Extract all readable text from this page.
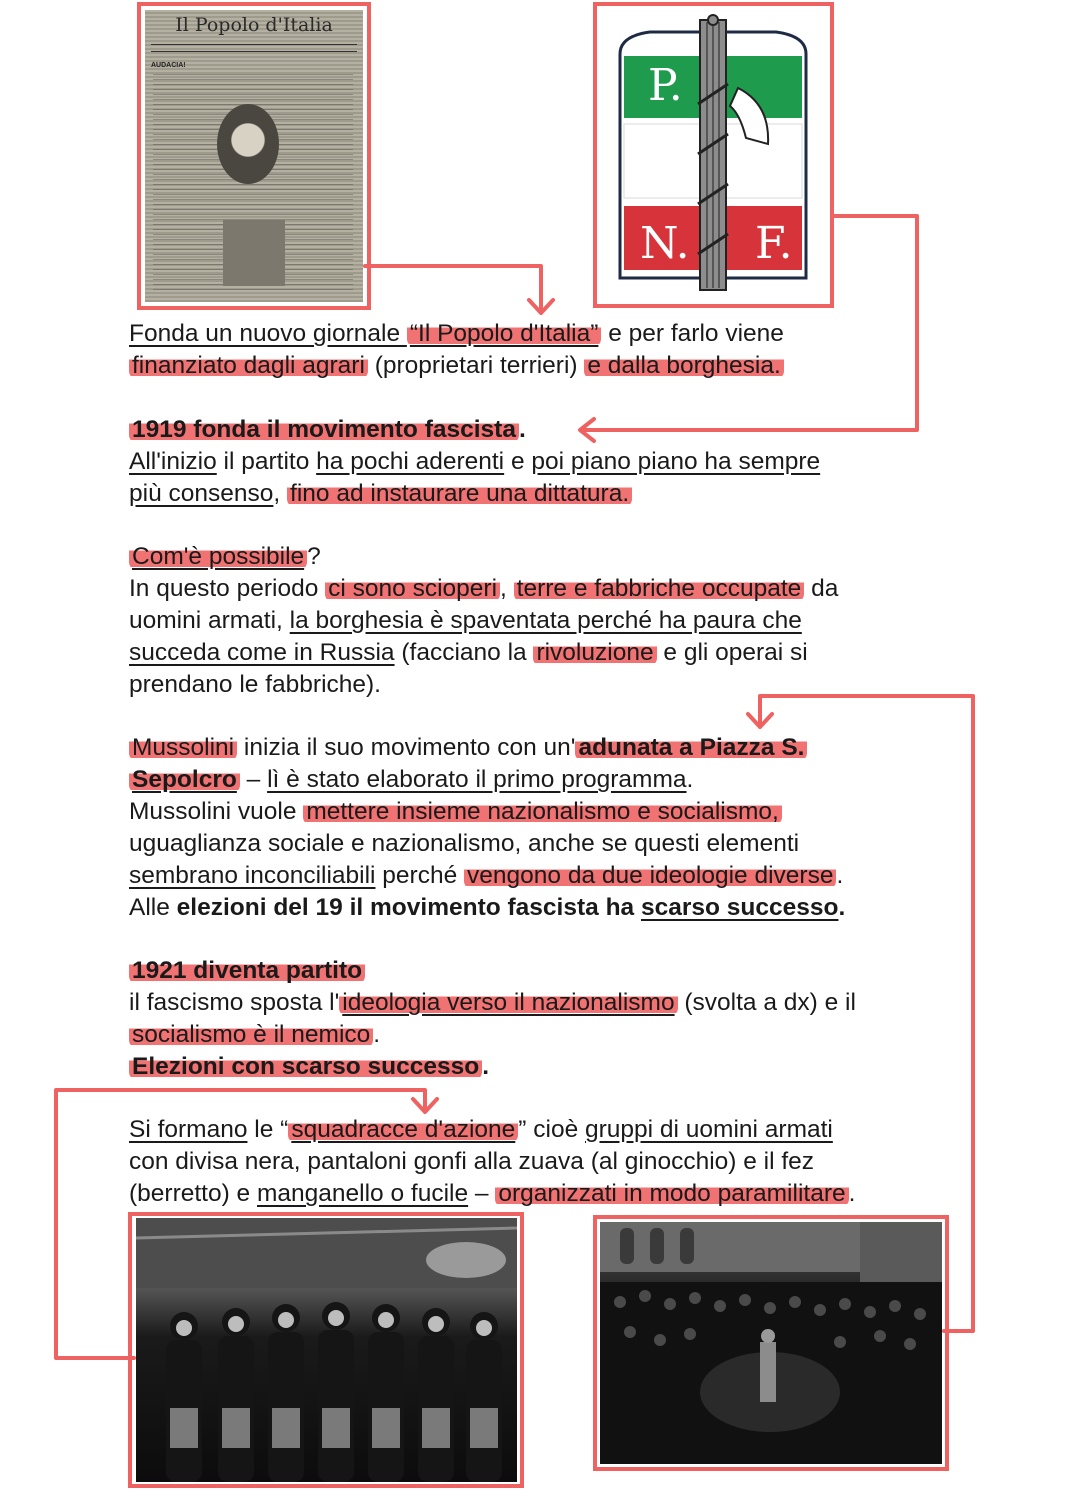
Il Popolo d'Italia
AUDACIA!	P.
N. F.
Fonda un nuovo giornale “Il Popolo d'Italia” e per farlo viene
finanziato dagli agrari (proprietari terrieri) e dalla borghesia.
1919 fonda il movimento fascista .
All'inizio il partito ha pochi aderenti e poi piano piano ha sempre
più consenso, fino ad instaurare una dittatura.
Com'è possibile ?
In questo periodo ci sono scioperi , terre e fabbriche occupate da
uomini armati, la borghesia è spaventata perché ha paura che
succeda come in Russia (facciano la rivoluzione e gli operai si
prendano le fabbriche).
Mussolini inizia il suo movimento con un' adunata a Piazza S.
Sepolcro – lì è stato elaborato il primo programma.
Mussolini vuole mettere insieme nazionalismo e socialismo,
uguaglianza sociale e nazionalismo, anche se questi elementi
sembrano inconciliabili perché vengono da due ideologie diverse .
Alle elezioni del 19 il movimento fascista ha scarso successo.
1921 diventa partito
il fascismo sposta l' ideologia verso il nazionalismo (svolta a dx) e il
socialismo è il nemico .
Elezioni con scarso successo .
Si formano le “ squadracce d'azione ” cioè gruppi di uomini armati
con divisa nera, pantaloni gonfi alla zuava (al ginocchio) e il fez
(berretto) e manganello o fucile – organizzati in modo paramilitare .
